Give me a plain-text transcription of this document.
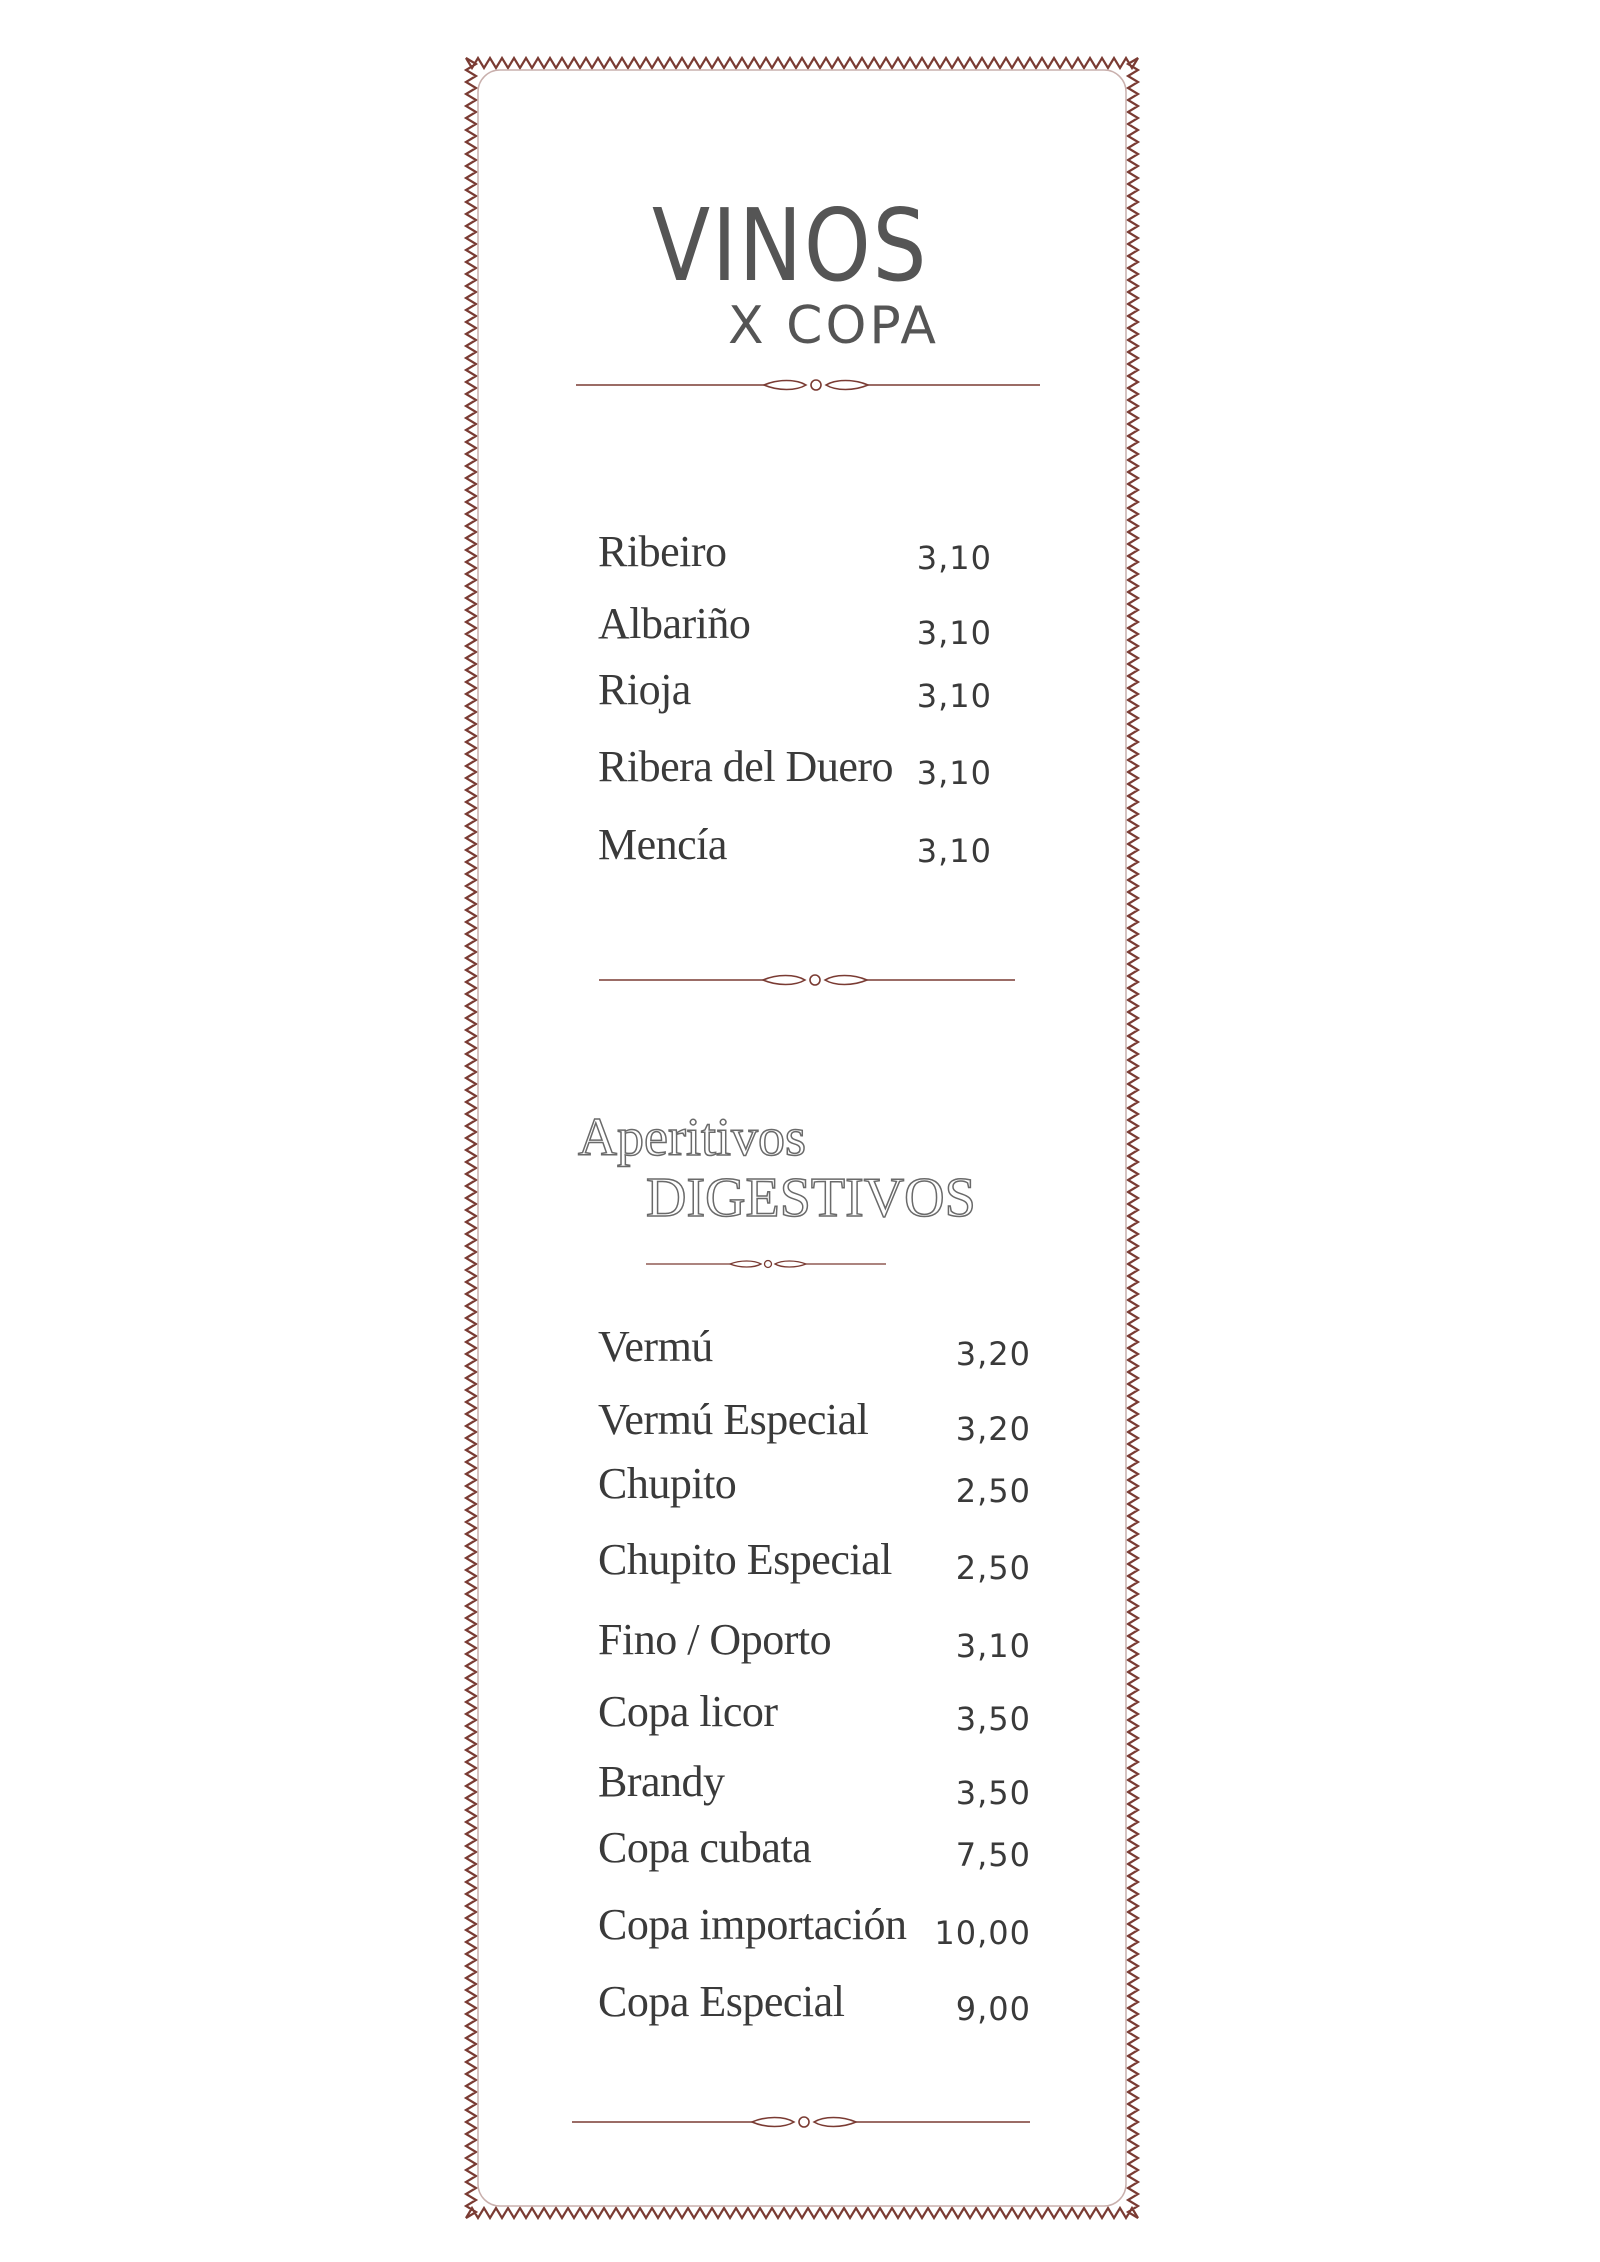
VINOS
X COPA
Ribeiro	3,10
Albariño	3,10
Rioja	3,10
Ribera del Duero 3,10
Mencía	3,10
Aperitivos
DIGESTIVOS
Vermú	3,20
Vermú Especial	3,20
Chupito	2,50
Chupito Especial	2,50
Fino / Oporto	3,10
Copa licor	3,50
Brandy	3,50
Copa cubata	7,50
Copa importación 10,00
Copa Especial	9,00
